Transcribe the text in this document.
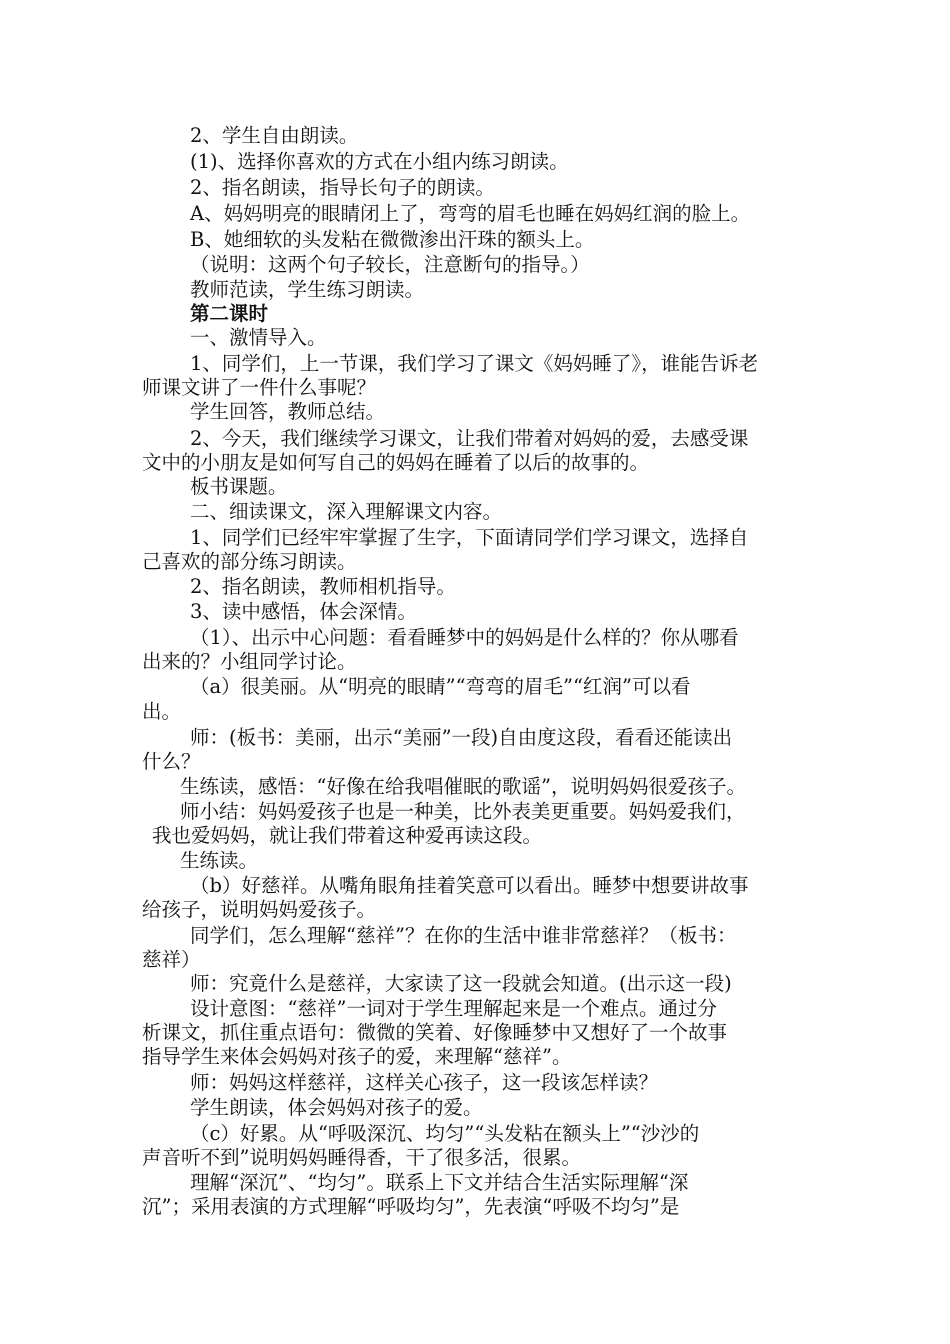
2、学生自由朗读。

(1)、选择你喜欢的方式在小组内练习朗读。

2、指名朗读，指导长句子的朗读。

A、妈妈明亮的眼睛闭上了，弯弯的眉毛也睡在妈妈红润的脸上。

B、她细软的头发粘在微微渗出汗珠的额头上。

（说明：这两个句子较长，注意断句的指导。）

教师范读，学生练习朗读。

第二课时

一、激情导入。

1、同学们，上一节课，我们学习了课文《妈妈睡了》，谁能告诉老

师课文讲了一件什么事呢？

学生回答，教师总结。

2、今天，我们继续学习课文，让我们带着对妈妈的爱，去感受课

文中的小朋友是如何写自己的妈妈在睡着了以后的故事的。

板书课题。

二、细读课文，深入理解课文内容。

1、同学们已经牢牢掌握了生字，下面请同学们学习课文，选择自

己喜欢的部分练习朗读。

2、指名朗读，教师相机指导。

3、读中感悟，体会深情。

（1）、出示中心问题：看看睡梦中的妈妈是什么样的？你从哪看

出来的？小组同学讨论。

（a）很美丽。从“明亮的眼睛”“弯弯的眉毛”“红润”可以看

出。

师：(板书：美丽，出示“美丽”一段)自由度这段，看看还能读出

什么？

生练读，感悟：“好像在给我唱催眠的歌谣”，说明妈妈很爱孩子。

师小结：妈妈爱孩子也是一种美，比外表美更重要。妈妈爱我们，

我也爱妈妈，就让我们带着这种爱再读这段。

生练读。

（b）好慈祥。从嘴角眼角挂着笑意可以看出。睡梦中想要讲故事

给孩子，说明妈妈爱孩子。

同学们，怎么理解“慈祥”？在你的生活中谁非常慈祥？（板书：

慈祥）

师：究竟什么是慈祥，大家读了这一段就会知道。(出示这一段)

设计意图：“慈祥”一词对于学生理解起来是一个难点。通过分

析课文，抓住重点语句：微微的笑着、好像睡梦中又想好了一个故事

指导学生来体会妈妈对孩子的爱，来理解“慈祥”。

师：妈妈这样慈祥，这样关心孩子，这一段该怎样读？

学生朗读，体会妈妈对孩子的爱。

（c）好累。从“呼吸深沉、均匀”“头发粘在额头上”“沙沙的

声音听不到”说明妈妈睡得香，干了很多活，很累。

理解“深沉”、“均匀”。联系上下文并结合生活实际理解“深

沉”；采用表演的方式理解“呼吸均匀”，先表演“呼吸不均匀”是
